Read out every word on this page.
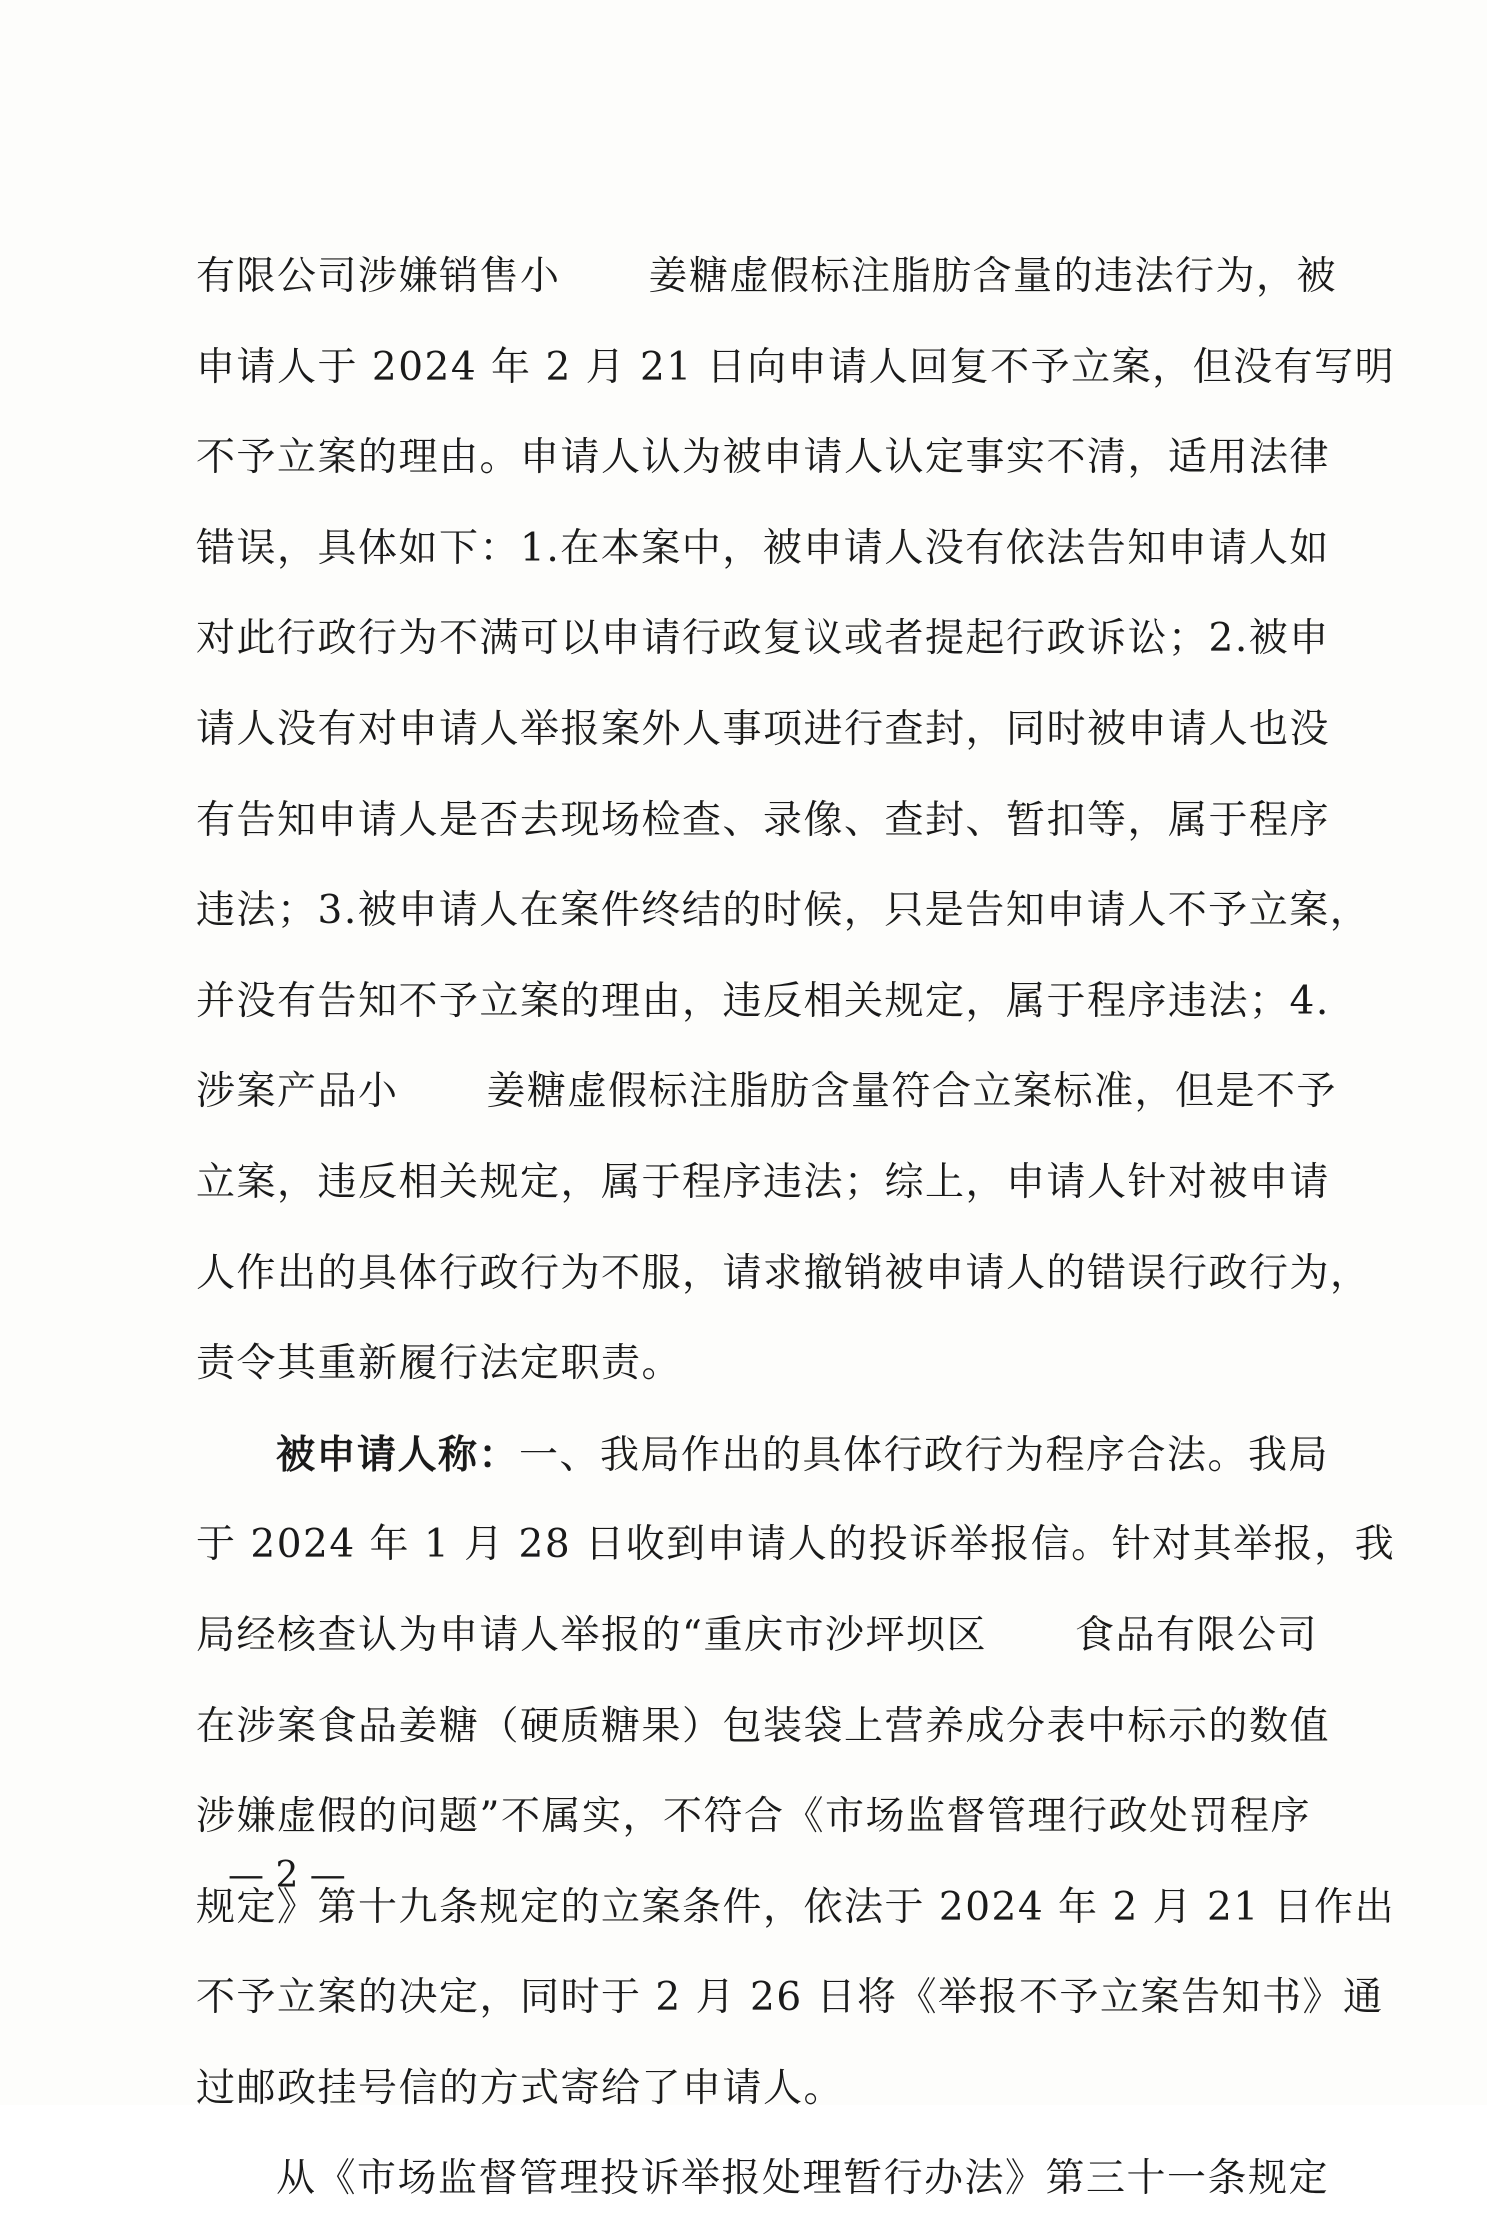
有限公司涉嫌销售小 姜糖虚假标注脂肪含量的违法行为，被
申请人于 2024 年 2 月 21 日向申请人回复不予立案，但没有写明
不予立案的理由。申请人认为被申请人认定事实不清，适用法律
错误，具体如下：1.在本案中，被申请人没有依法告知申请人如
对此行政行为不满可以申请行政复议或者提起行政诉讼；2.被申
请人没有对申请人举报案外人事项进行查封，同时被申请人也没
有告知申请人是否去现场检查、录像、查封、暂扣等，属于程序
违法；3.被申请人在案件终结的时候，只是告知申请人不予立案，
并没有告知不予立案的理由，违反相关规定，属于程序违法；4.
涉案产品小 姜糖虚假标注脂肪含量符合立案标准，但是不予
立案，违反相关规定，属于程序违法；综上，申请人针对被申请
人作出的具体行政行为不服，请求撤销被申请人的错误行政行为，
责令其重新履行法定职责。
被申请人称：一、我局作出的具体行政行为程序合法。我局
于 2024 年 1 月 28 日收到申请人的投诉举报信。针对其举报，我
局经核查认为申请人举报的“重庆市沙坪坝区 食品有限公司
在涉案食品姜糖（硬质糖果）包装袋上营养成分表中标示的数值
涉嫌虚假的问题”不属实，不符合《市场监督管理行政处罚程序
规定》第十九条规定的立案条件，依法于 2024 年 2 月 21 日作出
不予立案的决定，同时于 2 月 26 日将《举报不予立案告知书》通
过邮政挂号信的方式寄给了申请人。
从《市场监督管理投诉举报处理暂行办法》第三十一条规定
— 2 —
